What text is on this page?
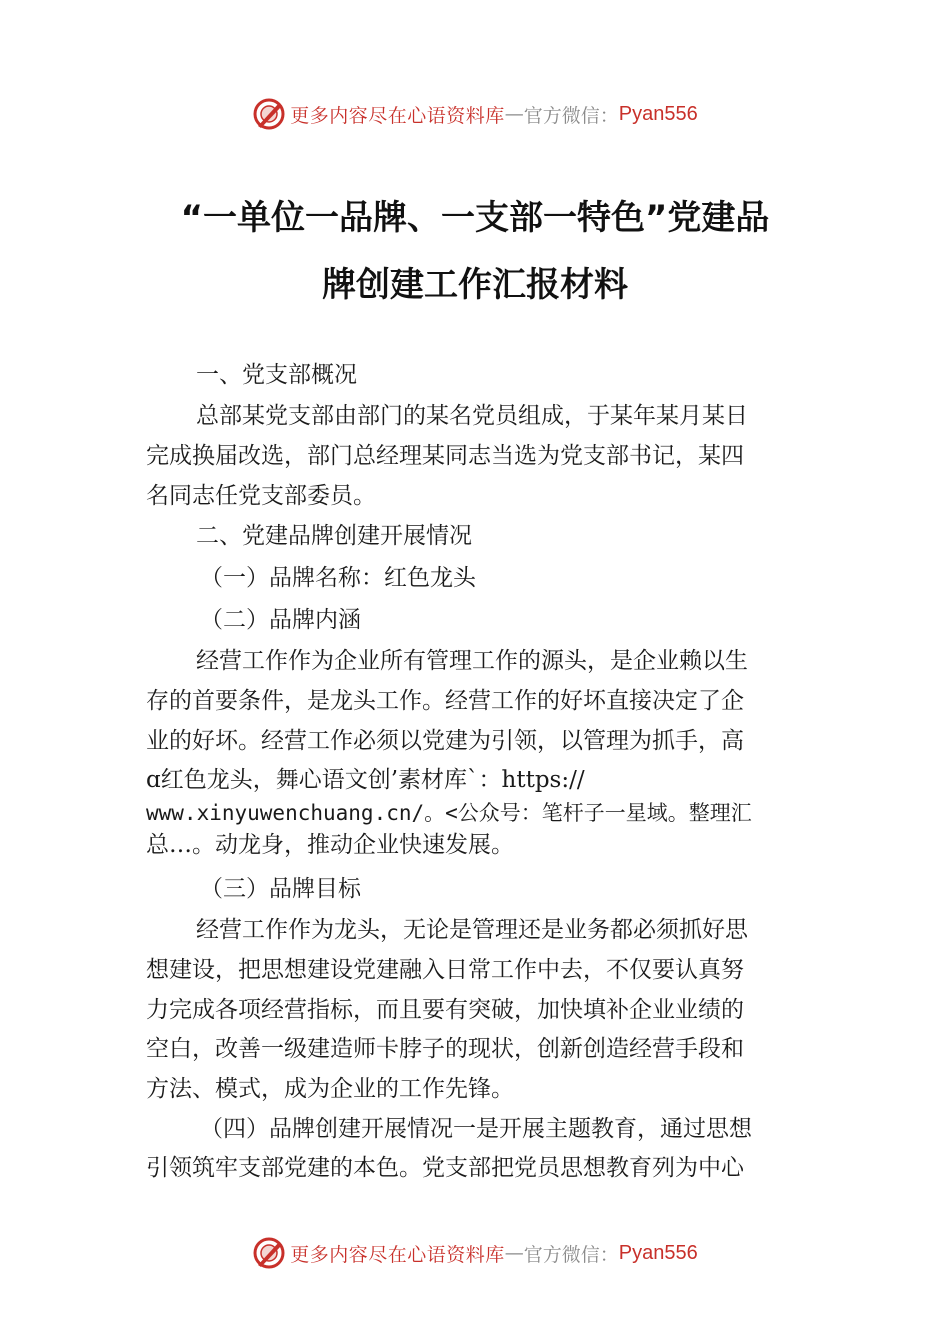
更多内容尽在心语资料库 — 官方微信： Pyan556
“一单位一品牌、一支部一特色”党建品
牌创建工作汇报材料
一、党支部概况
总部某党支部由部门的某名党员组成，于某年某月某日
完成换届改选，部门总经理某同志当选为党支部书记，某四
名同志任党支部委员。
二、党建品牌创建开展情况
（一）品牌名称：红色龙头
（二）品牌内涵
经营工作作为企业所有管理工作的源头，是企业赖以生
存的首要条件，是龙头工作。经营工作的好坏直接决定了企
业的好坏。经营工作必须以党建为引领，以管理为抓手，高
ɑ红色龙头，舞心语文创’素材库`：https://
www.xinyuwenchuang.cn/。<公众号：笔杆子一星域。整理汇
总…。动龙身，推动企业快速发展。
（三）品牌目标
经营工作作为龙头，无论是管理还是业务都必须抓好思
想建设，把思想建设党建融入日常工作中去，不仅要认真努
力完成各项经营指标，而且要有突破，加快填补企业业绩的
空白，改善一级建造师卡脖子的现状，创新创造经营手段和
方法、模式，成为企业的工作先锋。
（四）品牌创建开展情况一是开展主题教育，通过思想
引领筑牢支部党建的本色。党支部把党员思想教育列为中心
更多内容尽在心语资料库 — 官方微信： Pyan556
